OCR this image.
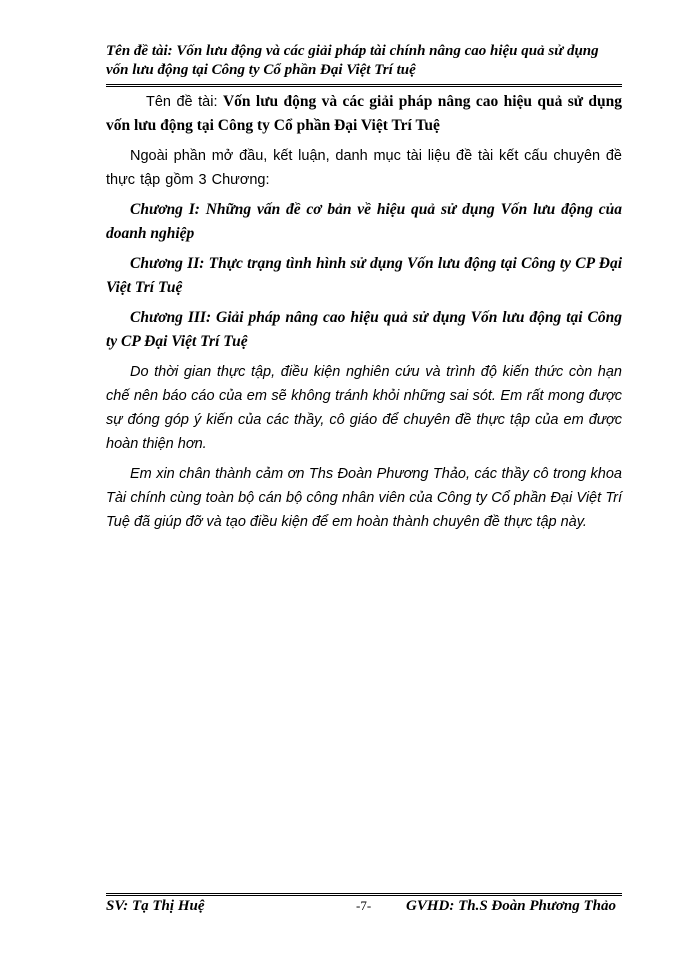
Tên đề tài: Vốn lưu động và các giải pháp tài chính nâng cao hiệu quả sử dụng
vốn lưu động tại Công ty Cổ phần Đại Việt Trí tuệ

Tên đề tài: Vốn lưu động và các giải pháp nâng cao hiệu quả sử dụng vốn lưu động tại Công ty Cổ phần Đại Việt Trí Tuệ

Ngoài phần mở đầu, kết luận, danh mục tài liệu đề tài kết cấu chuyên đề thực tập gồm 3 Chương:

Chương I: Những vấn đề cơ bản về hiệu quả sử dụng Vốn lưu động của doanh nghiệp

Chương II: Thực trạng tình hình sử dụng Vốn lưu động tại Công ty CP Đại Việt Trí Tuệ

Chương III: Giải pháp nâng cao hiệu quả sử dụng Vốn lưu động tại Công ty CP Đại Việt Trí Tuệ

Do thời gian thực tập, điều kiện nghiên cứu và trình độ kiến thức còn hạn chế nên báo cáo của em sẽ không tránh khỏi những sai sót. Em rất mong được sự đóng góp ý kiến của các thầy, cô giáo để chuyên đề thực tập của em được hoàn thiện hơn.

Em xin chân thành cảm ơn Ths Đoàn Phương Thảo, các thầy cô trong khoa Tài chính cùng toàn bộ cán bộ công nhân viên của Công ty Cổ phần Đại Việt Trí Tuệ đã giúp đỡ và tạo điều kiện để em hoàn thành chuyên đề thực tập này.

SV: Tạ Thị Huệ	-7- GVHD: Th.S Đoàn Phương Thảo
